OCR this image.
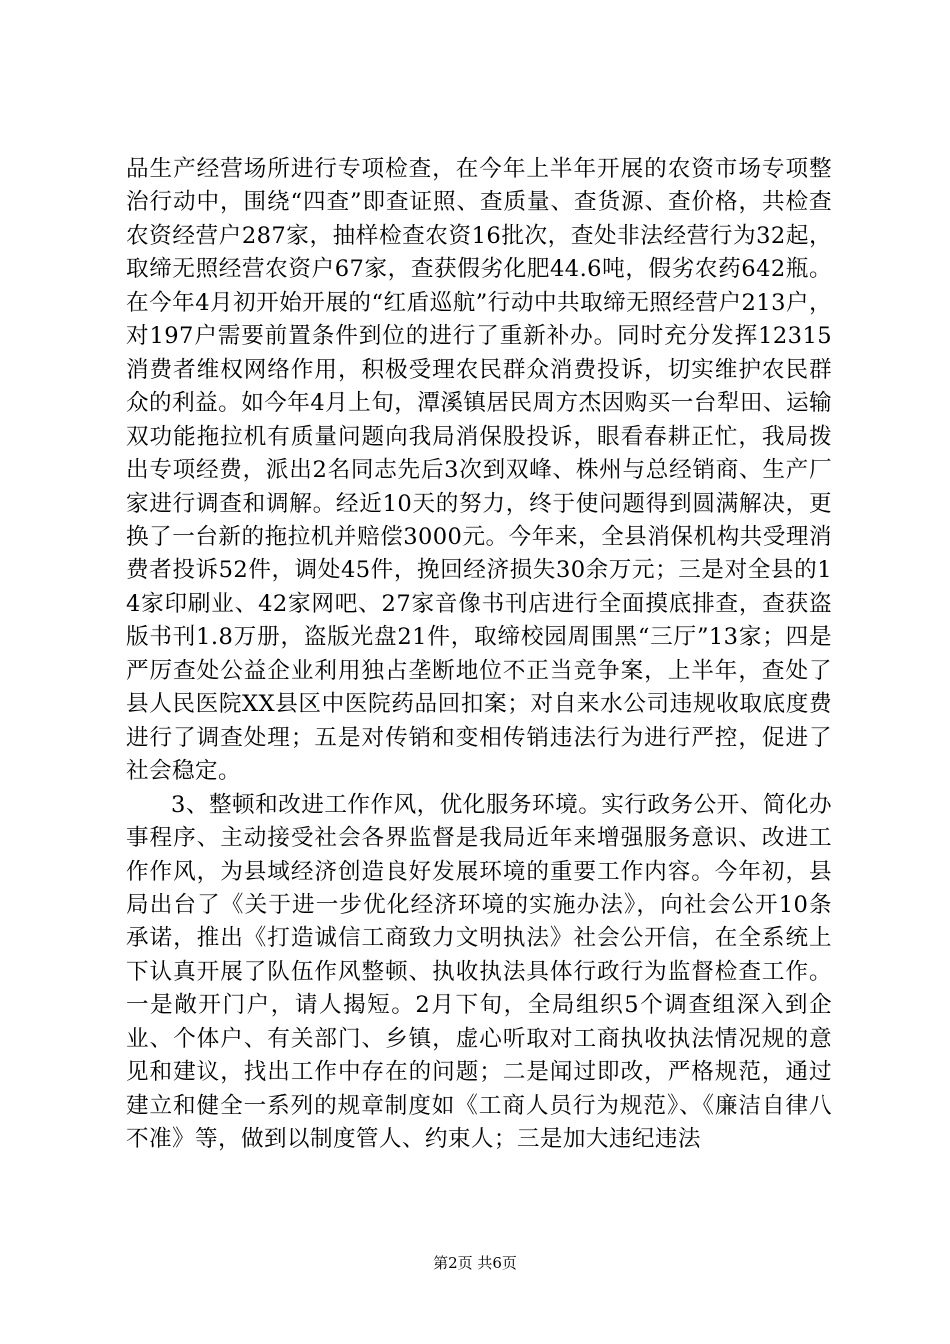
品生产经营场所进行专项检查，在今年上半年开展的农资市场专项整治行动中，围绕“四查”即查证照、查质量、查货源、查价格，共检查农资经营户287家，抽样检查农资16批次，查处非法经营行为32起，取缔无照经营农资户67家，查获假劣化肥44.6吨，假劣农药642瓶。在今年4月初开始开展的“红盾巡航”行动中共取缔无照经营户213户，对197户需要前置条件到位的进行了重新补办。同时充分发挥12315消费者维权网络作用，积极受理农民群众消费投诉，切实维护农民群众的利益。如今年4月上旬，潭溪镇居民周方杰因购买一台犁田、运输双功能拖拉机有质量问题向我局消保股投诉，眼看春耕正忙，我局拨出专项经费，派出2名同志先后3次到双峰、株州与总经销商、生产厂家进行调查和调解。经近10天的努力，终于使问题得到圆满解决，更换了一台新的拖拉机并赔偿3000元。今年来，全县消保机构共受理消费者投诉52件，调处45件，挽回经济损失30余万元；三是对全县的14家印刷业、42家网吧、27家音像书刊店进行全面摸底排查，查获盗版书刊1.8万册，盗版光盘21件，取缔校园周围黑“三厅”13家；四是严厉查处公益企业利用独占垄断地位不正当竞争案，上半年，查处了县人民医院XX县区中医院药品回扣案；对自来水公司违规收取底度费进行了调查处理；五是对传销和变相传销违法行为进行严控，促进了社会稳定。

3、整顿和改进工作作风，优化服务环境。实行政务公开、简化办事程序、主动接受社会各界监督是我局近年来增强服务意识、改进工作作风，为县域经济创造良好发展环境的重要工作内容。今年初，县局出台了《关于进一步优化经济环境的实施办法》，向社会公开10条承诺，推出《打造诚信工商致力文明执法》社会公开信，在全系统上下认真开展了队伍作风整顿、执收执法具体行政行为监督检查工作。一是敞开门户，请人揭短。2月下旬，全局组织5个调查组深入到企业、个体户、有关部门、乡镇，虚心听取对工商执收执法情况规的意见和建议，找出工作中存在的问题；二是闻过即改，严格规范，通过建立和健全一系列的规章制度如《工商人员行为规范》、《廉洁自律八不准》等，做到以制度管人、约束人；三是加大违纪违法

第2页 共6页
